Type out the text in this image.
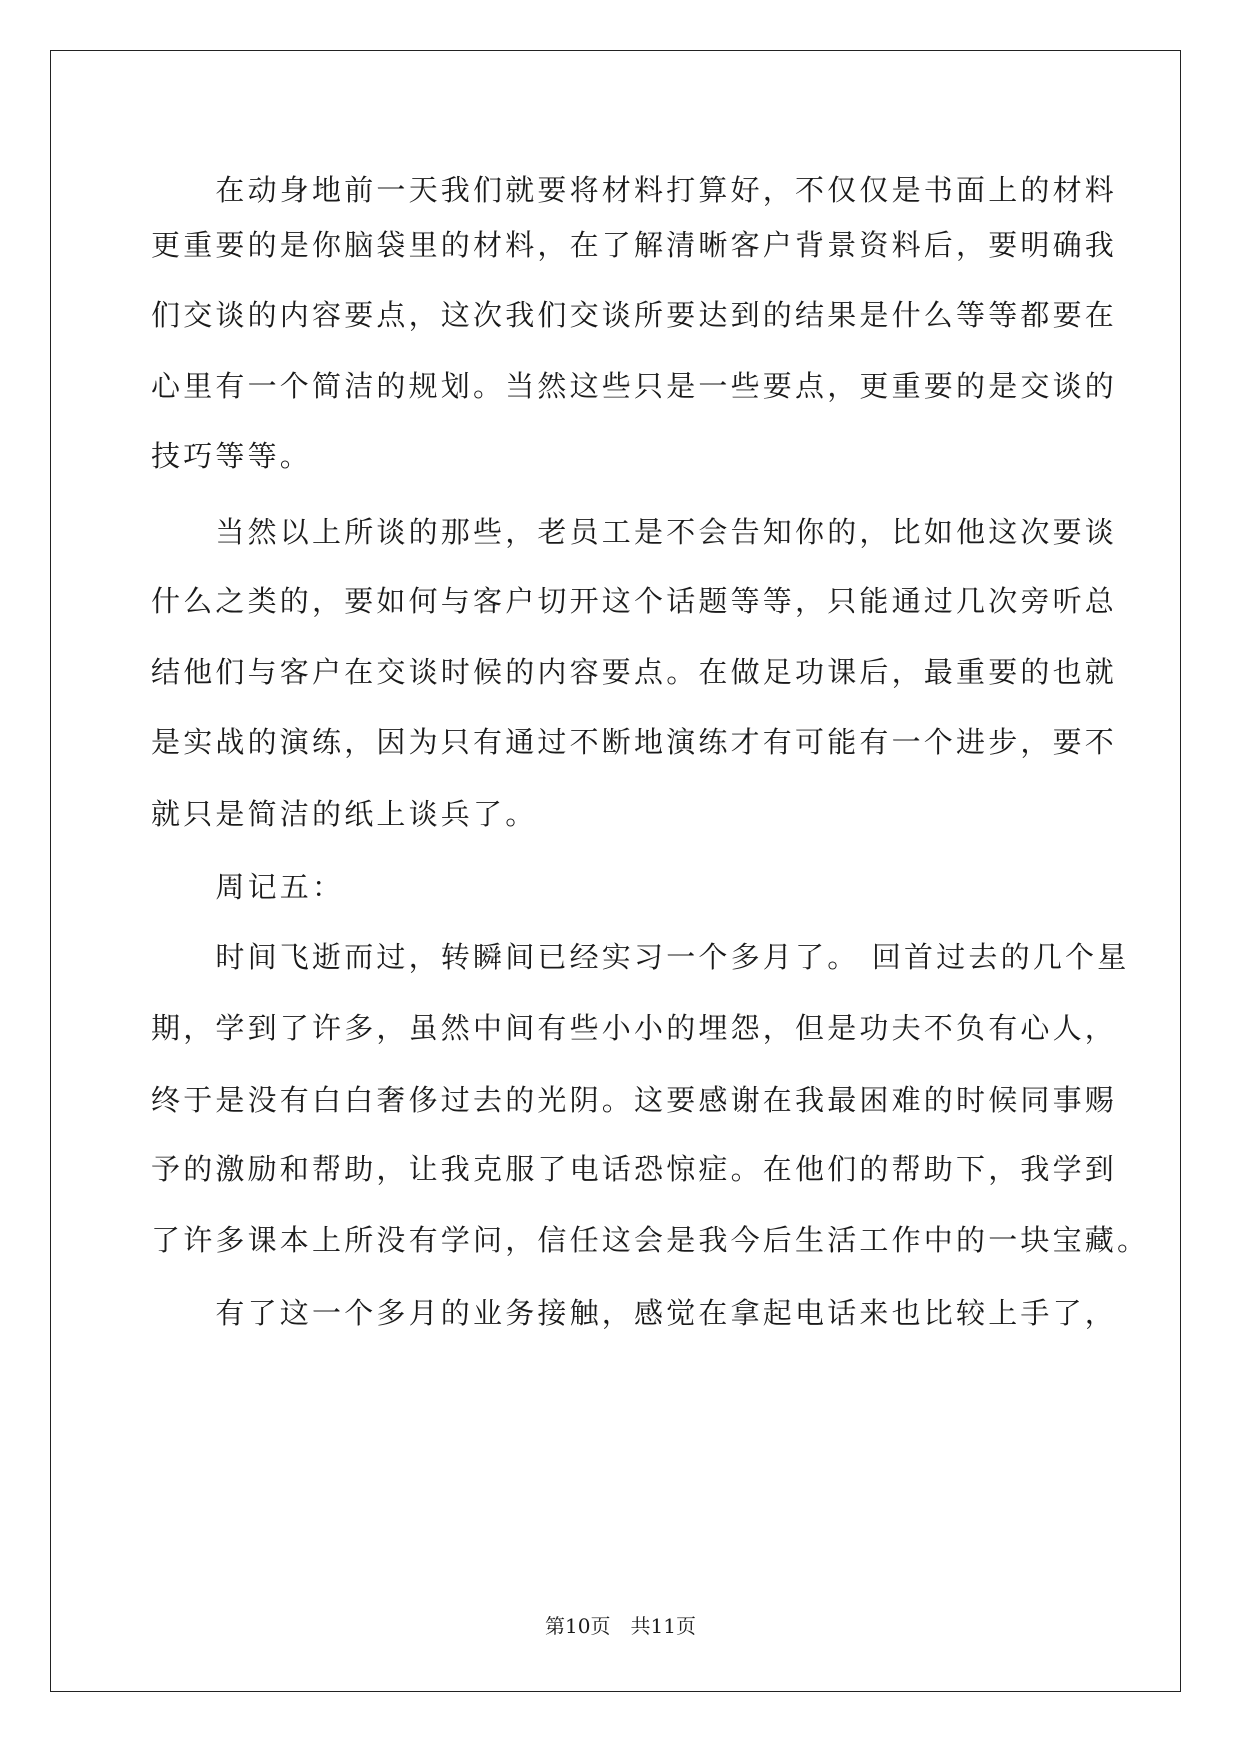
　　在动身地前一天我们就要将材料打算好，不仅仅是书面上的材料
更重要的是你脑袋里的材料，在了解清晰客户背景资料后，要明确我
们交谈的内容要点，这次我们交谈所要达到的结果是什么等等都要在
心里有一个简洁的规划。当然这些只是一些要点，更重要的是交谈的
技巧等等。
　　当然以上所谈的那些，老员工是不会告知你的，比如他这次要谈
什么之类的，要如何与客户切开这个话题等等，只能通过几次旁听总
结他们与客户在交谈时候的内容要点。在做足功课后，最重要的也就
是实战的演练，因为只有通过不断地演练才有可能有一个进步，要不
就只是简洁的纸上谈兵了。
　　周记五：
　　时间飞逝而过，转瞬间已经实习一个多月了。 回首过去的几个星
期，学到了许多，虽然中间有些小小的埋怨，但是功夫不负有心人，
终于是没有白白奢侈过去的光阴。这要感谢在我最困难的时候同事赐
予的激励和帮助，让我克服了电话恐惊症。在他们的帮助下，我学到
了许多课本上所没有学问，信任这会是我今后生活工作中的一块宝藏。
　　有了这一个多月的业务接触，感觉在拿起电话来也比较上手了，
第10页　共11页
